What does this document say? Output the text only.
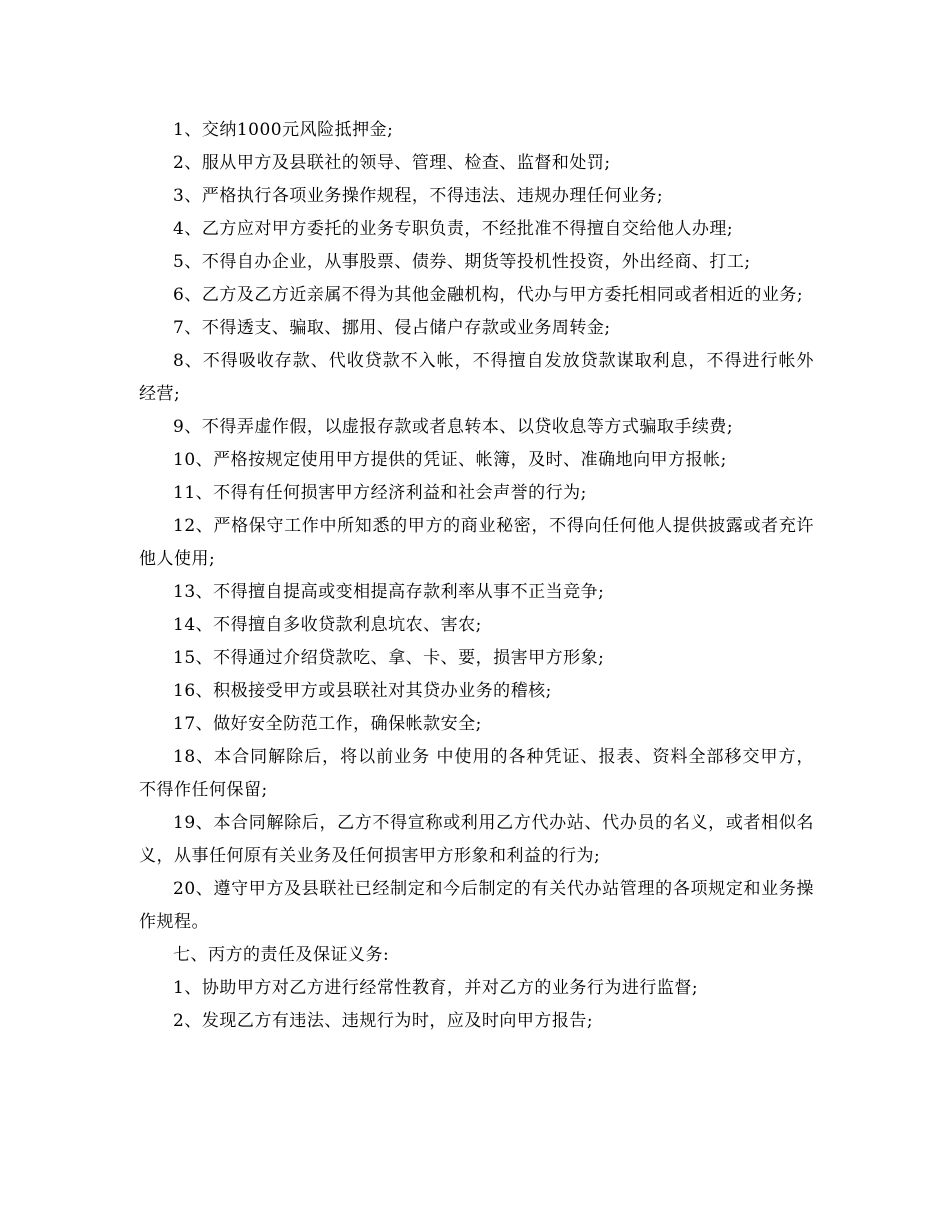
1、交纳1000元风险抵押金;

2、服从甲方及县联社的领导、管理、检查、监督和处罚;

3、严格执行各项业务操作规程，不得违法、违规办理任何业务;

4、乙方应对甲方委托的业务专职负责，不经批准不得擅自交给他人办理;

5、不得自办企业，从事股票、债券、期货等投机性投资，外出经商、打工;

6、乙方及乙方近亲属不得为其他金融机构，代办与甲方委托相同或者相近的业务;

7、不得透支、骗取、挪用、侵占储户存款或业务周转金;

8、不得吸收存款、代收贷款不入帐，不得擅自发放贷款谋取利息，不得进行帐外经营;

9、不得弄虚作假，以虚报存款或者息转本、以贷收息等方式骗取手续费;

10、严格按规定使用甲方提供的凭证、帐簿，及时、准确地向甲方报帐;

11、不得有任何损害甲方经济利益和社会声誉的行为;

12、严格保守工作中所知悉的甲方的商业秘密，不得向任何他人提供披露或者充许他人使用;

13、不得擅自提高或变相提高存款利率从事不正当竞争;

14、不得擅自多收贷款利息坑农、害农;

15、不得通过介绍贷款吃、拿、卡、要，损害甲方形象;

16、积极接受甲方或县联社对其贷办业务的稽核;

17、做好安全防范工作，确保帐款安全;

18、本合同解除后，将以前业务 中使用的各种凭证、报表、资料全部移交甲方，不得作任何保留;

19、本合同解除后，乙方不得宣称或利用乙方代办站、代办员的名义，或者相似名义，从事任何原有关业务及任何损害甲方形象和利益的行为;

20、遵守甲方及县联社已经制定和今后制定的有关代办站管理的各项规定和业务操作规程。

七、丙方的责任及保证义务:

1、协助甲方对乙方进行经常性教育，并对乙方的业务行为进行监督;

2、发现乙方有违法、违规行为时，应及时向甲方报告;
